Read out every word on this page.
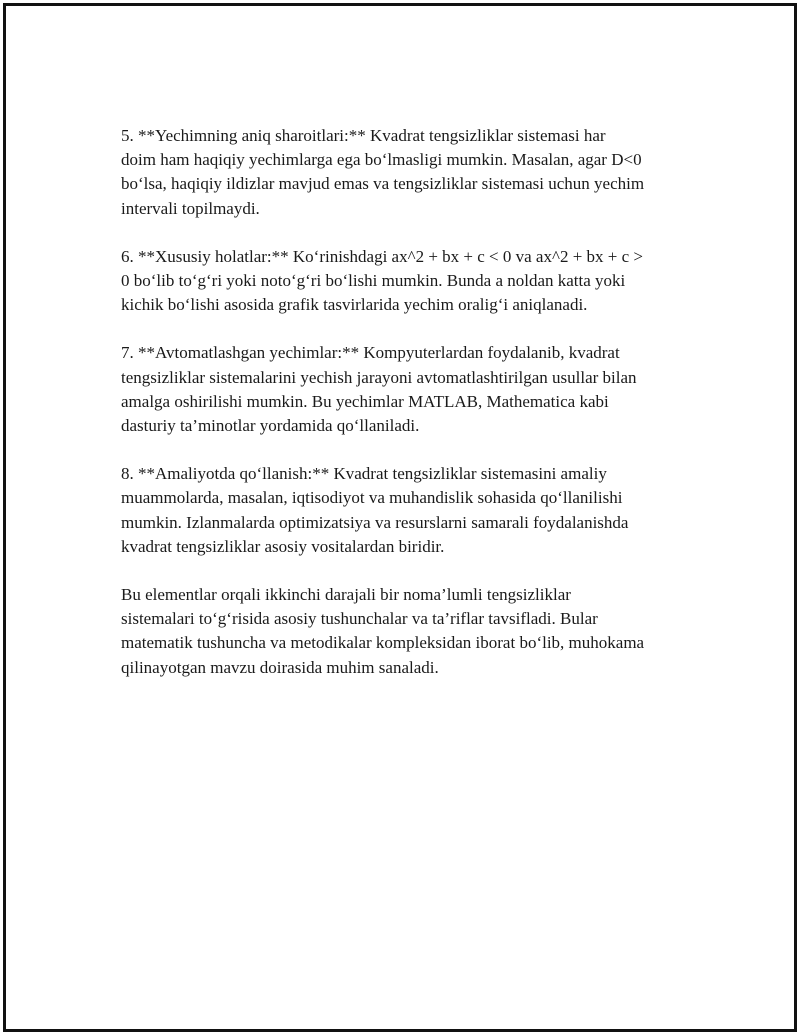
5. **Yechimning aniq sharoitlari:** Kvadrat tengsizliklar sistemasi har
doim ham haqiqiy yechimlarga ega bo‘lmasligi mumkin. Masalan, agar D<0
bo‘lsa, haqiqiy ildizlar mavjud emas va tengsizliklar sistemasi uchun yechim
intervali topilmaydi.

6. **Xususiy holatlar:** Ko‘rinishdagi ax^2 + bx + c < 0 va ax^2 + bx + c >
0 bo‘lib to‘g‘ri yoki noto‘g‘ri bo‘lishi mumkin. Bunda a noldan katta yoki
kichik bo‘lishi asosida grafik tasvirlarida yechim oralig‘i aniqlanadi.

7. **Avtomatlashgan yechimlar:** Kompyuterlardan foydalanib, kvadrat
tengsizliklar sistemalarini yechish jarayoni avtomatlashtirilgan usullar bilan
amalga oshirilishi mumkin. Bu yechimlar MATLAB, Mathematica kabi
dasturiy ta’minotlar yordamida qo‘llaniladi.

8. **Amaliyotda qo‘llanish:** Kvadrat tengsizliklar sistemasini amaliy
muammolarda, masalan, iqtisodiyot va muhandislik sohasida qo‘llanilishi
mumkin. Izlanmalarda optimizatsiya va resurslarni samarali foydalanishda
kvadrat tengsizliklar asosiy vositalardan biridir.

Bu elementlar orqali ikkinchi darajali bir noma’lumli tengsizliklar
sistemalari to‘g‘risida asosiy tushunchalar va ta’riflar tavsifladi. Bular
matematik tushuncha va metodikalar kompleksidan iborat bo‘lib, muhokama
qilinayotgan mavzu doirasida muhim sanaladi.
